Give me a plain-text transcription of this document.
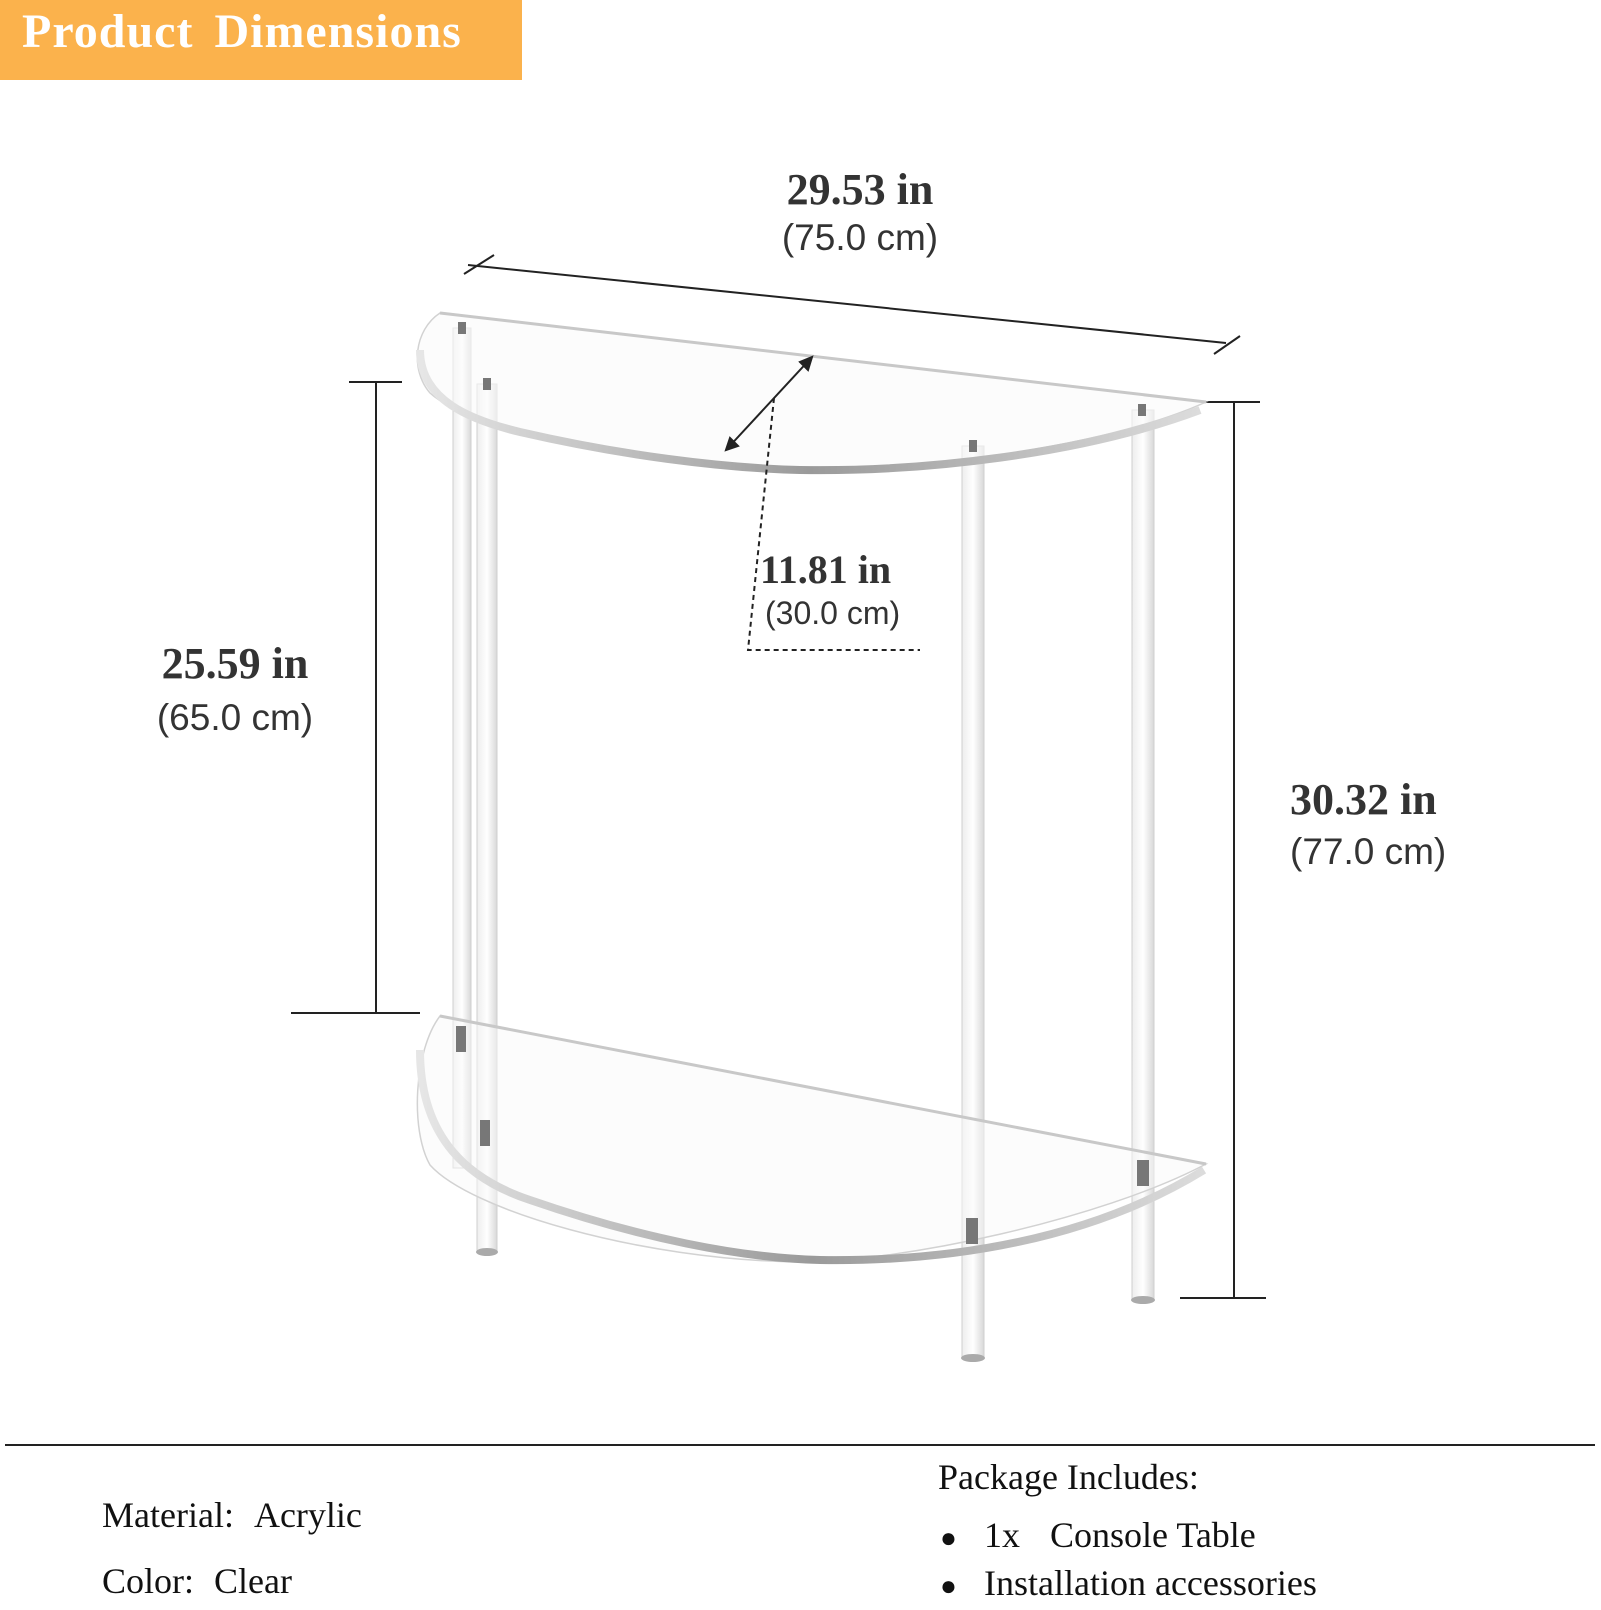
Product Dimensions
29.53 in
(75.0 cm)
11.81 in
(30.0 cm)
25.59 in
(65.0 cm)
30.32 in
(77.0 cm)
Material: Acrylic
Color: Clear
Package Includes:
● 1x Console Table
● Installation accessories
